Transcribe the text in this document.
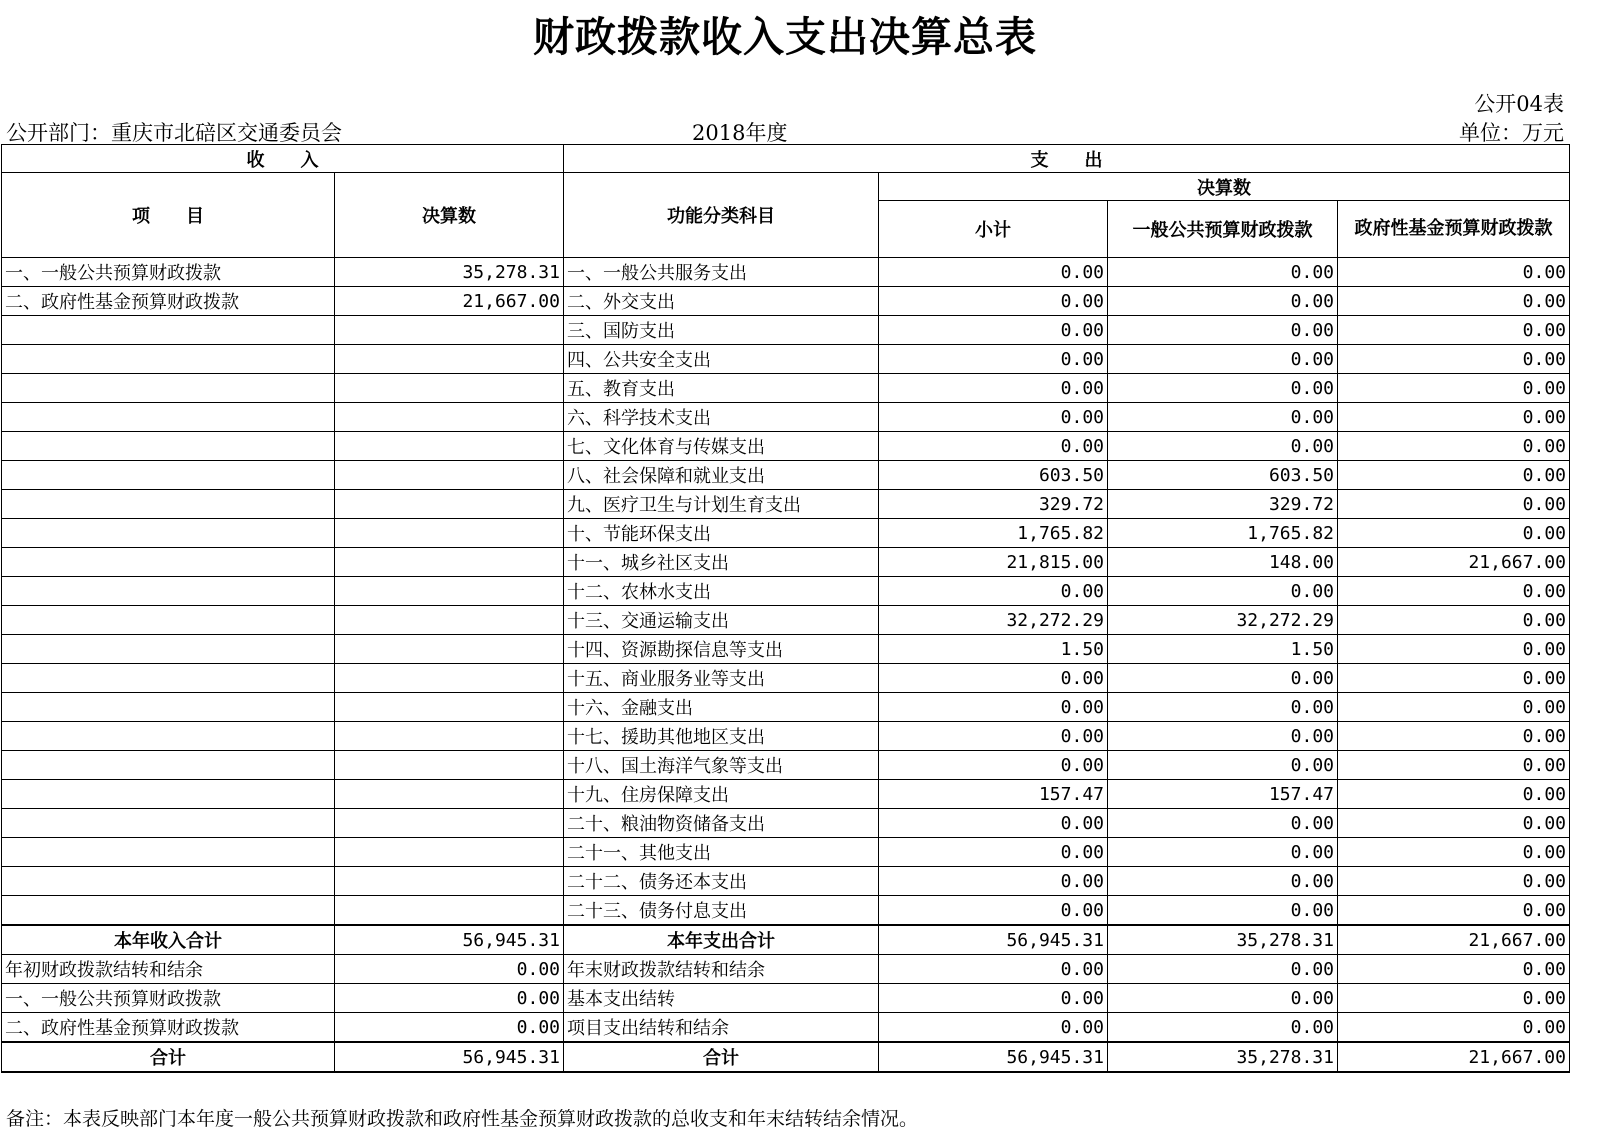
财政拨款收入支出决算总表
公开04表
公开部门：重庆市北碚区交通委员会	2018年度	单位：万元
收　　入		支　　出			
项　　目	决算数	功能分类科目	决算数		
			小计	一般公共预算财政拨款	政府性基金预算财政拨款
一、一般公共预算财政拨款	35,278.31	一、一般公共服务支出	0.00	0.00	0.00
二、政府性基金预算财政拨款	21,667.00	二、外交支出	0.00	0.00	0.00
		三、国防支出	0.00	0.00	0.00
		四、公共安全支出	0.00	0.00	0.00
		五、教育支出	0.00	0.00	0.00
		六、科学技术支出	0.00	0.00	0.00
		七、文化体育与传媒支出	0.00	0.00	0.00
		八、社会保障和就业支出	603.50	603.50	0.00
		九、医疗卫生与计划生育支出	329.72	329.72	0.00
		十、节能环保支出	1,765.82	1,765.82	0.00
		十一、城乡社区支出	21,815.00	148.00	21,667.00
		十二、农林水支出	0.00	0.00	0.00
		十三、交通运输支出	32,272.29	32,272.29	0.00
		十四、资源勘探信息等支出	1.50	1.50	0.00
		十五、商业服务业等支出	0.00	0.00	0.00
		十六、金融支出	0.00	0.00	0.00
		十七、援助其他地区支出	0.00	0.00	0.00
		十八、国土海洋气象等支出	0.00	0.00	0.00
		十九、住房保障支出	157.47	157.47	0.00
		二十、粮油物资储备支出	0.00	0.00	0.00
		二十一、其他支出	0.00	0.00	0.00
		二十二、债务还本支出	0.00	0.00	0.00
		二十三、债务付息支出	0.00	0.00	0.00
本年收入合计	56,945.31	本年支出合计	56,945.31	35,278.31	21,667.00
年初财政拨款结转和结余	0.00	年末财政拨款结转和结余	0.00	0.00	0.00
一、一般公共预算财政拨款	0.00	基本支出结转	0.00	0.00	0.00
二、政府性基金预算财政拨款	0.00	项目支出结转和结余	0.00	0.00	0.00
合计	56,945.31	合计	56,945.31	35,278.31	21,667.00
备注：本表反映部门本年度一般公共预算财政拨款和政府性基金预算财政拨款的总收支和年末结转结余情况。
